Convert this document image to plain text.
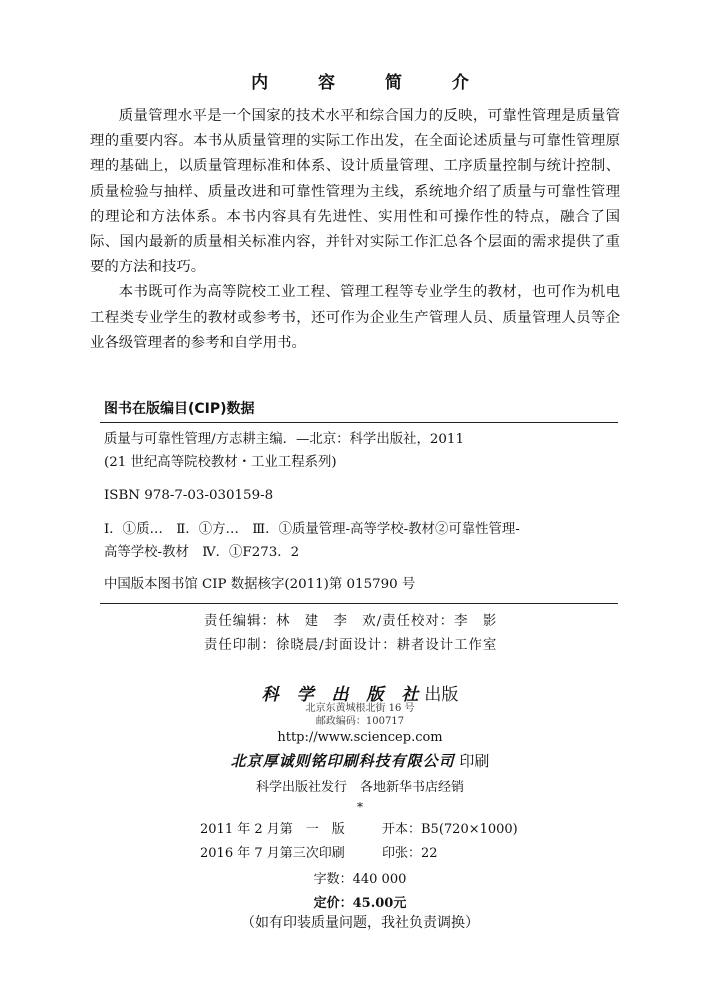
内 容 简 介

质量管理水平是一个国家的技术水平和综合国力的反映，可靠性管理是质量管理的重要内容。本书从质量管理的实际工作出发，在全面论述质量与可靠性管理原理的基础上，以质量管理标准和体系、设计质量管理、工序质量控制与统计控制、质量检验与抽样、质量改进和可靠性管理为主线，系统地介绍了质量与可靠性管理的理论和方法体系。本书内容具有先进性、实用性和可操作性的特点，融合了国际、国内最新的质量相关标准内容，并针对实际工作汇总各个层面的需求提供了重要的方法和技巧。

本书既可作为高等院校工业工程、管理工程等专业学生的教材，也可作为机电工程类专业学生的教材或参考书，还可作为企业生产管理人员、质量管理人员等企业各级管理者的参考和自学用书。

图书在版编目(CIP)数据
质量与可靠性管理/方志耕主编．—北京：科学出版社，2011
(21 世纪高等院校教材・工业工程系列)
ISBN 978-7-03-030159-8
Ⅰ．①质…　Ⅱ．①方…　Ⅲ．①质量管理-高等学校-教材②可靠性管理-
高等学校-教材　Ⅳ．①F273．2
中国版本图书馆 CIP 数据核字(2011)第 015790 号
责任编辑：林　建　李　欢/责任校对：李　影
责任印制：徐晓晨/封面设计：耕者设计工作室
科 学 出 版 社出版
北京东黄城根北街 16 号
邮政编码：100717
http://www.sciencep.com
北京厚诚则铭印刷科技有限公司 印刷
科学出版社发行　各地新华书店经销
*
2011 年 2 月第　一　版	开本：B5(720×1000)
2016 年 7 月第三次印刷	印张：22
字数：440 000
定价：45.00元
（如有印装质量问题，我社负责调换）
